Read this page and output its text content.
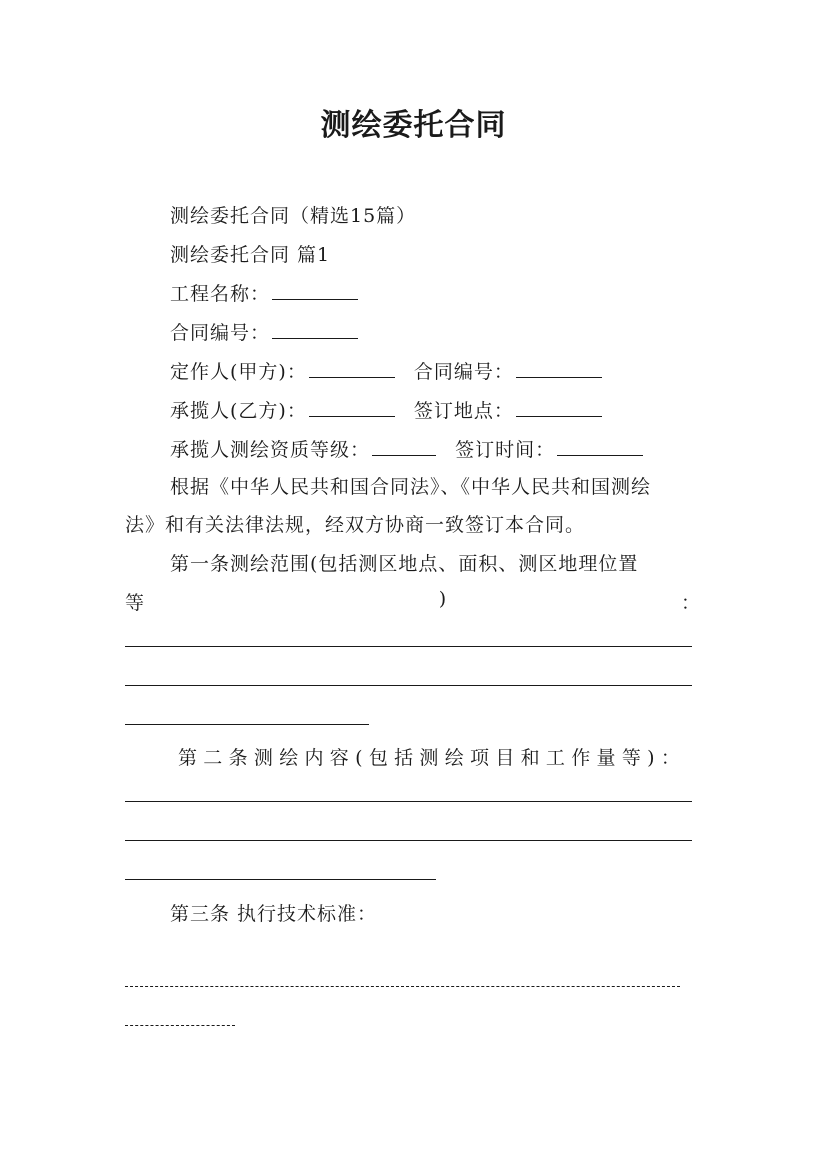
测绘委托合同
测绘委托合同（精选15篇）
测绘委托合同 篇1
工程名称：
合同编号：
定作人(甲方)：	合同编号：
承揽人(乙方)：	签订地点：
承揽人测绘资质等级：	签订时间：
根据《中华人民共和国合同法》、《中华人民共和国测绘
法》和有关法律法规，经双方协商一致签订本合同。
第一条测绘范围(包括测区地点、面积、测区地理位置
等	)	：
第二条测绘内容(包括测绘项目和工作量等)：
第三条 执行技术标准：
